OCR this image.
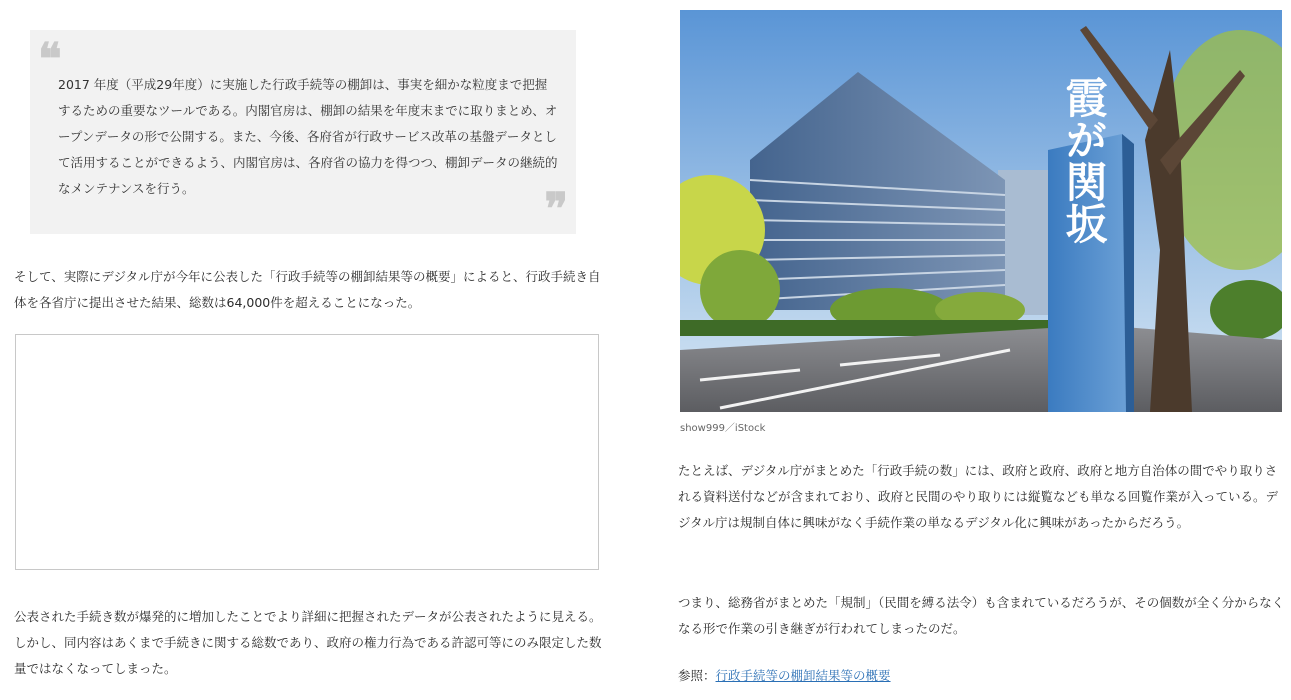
❝

2017 年度（平成29年度）に実施した行政手続等の棚卸は、事実を細かな粒度まで把握するための重要なツールである。内閣官房は、棚卸の結果を年度末までに取りまとめ、オープンデータの形で公開する。また、今後、各府省が行政サービス改革の基盤データとして活用することができるよう、内閣官房は、各府省の協力を得つつ、棚卸データの継続的なメンテナンスを行う。	❞

そして、実際にデジタル庁が今年に公表した「行政手続等の棚卸結果等の概要」によると、行政手続き自体を各省庁に提出させた結果、総数は64,000件を超えることになった。

公表された手続き数が爆発的に増加したことでより詳細に把握されたデータが公表されたように見える。しかし、同内容はあくまで手続きに関する総数であり、政府の権力行為である許認可等にのみ限定した数量ではなくなってしまった。

霞が関坂
show999／iStock

たとえば、デジタル庁がまとめた「行政手続の数」には、政府と政府、政府と地方自治体の間でやり取りされる資料送付などが含まれており、政府と民間のやり取りには縦覧なども単なる回覧作業が入っている。デジタル庁は規制自体に興味がなく手続作業の単なるデジタル化に興味があったからだろう。

つまり、総務省がまとめた「規制」（民間を縛る法令）も含まれているだろうが、その個数が全く分からなくなる形で作業の引き継ぎが行われてしまったのだ。

参照：行政手続等の棚卸結果等の概要
